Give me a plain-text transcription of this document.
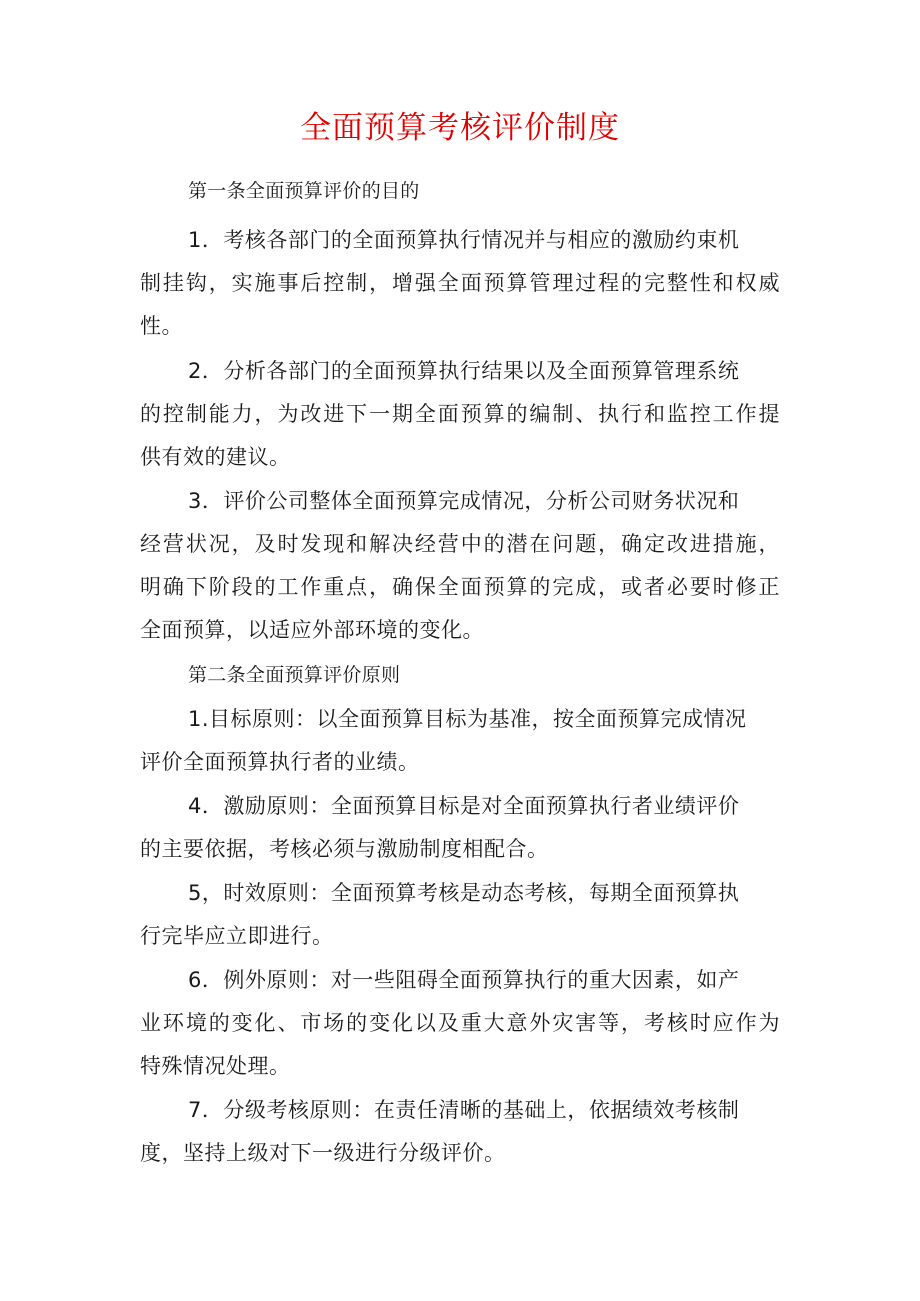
全面预算考核评价制度

第一条全面预算评价的目的

1．考核各部门的全面预算执行情况并与相应的激励约束机

制挂钩，实施事后控制，增强全面预算管理过程的完整性和权威

性。

2．分析各部门的全面预算执行结果以及全面预算管理系统

的控制能力，为改进下一期全面预算的编制、执行和监控工作提

供有效的建议。

3．评价公司整体全面预算完成情况，分析公司财务状况和

经营状况，及时发现和解决经营中的潜在问题，确定改进措施，

明确下阶段的工作重点，确保全面预算的完成，或者必要时修正

全面预算，以适应外部环境的变化。

第二条全面预算评价原则

1.目标原则：以全面预算目标为基准，按全面预算完成情况

评价全面预算执行者的业绩。

4．激励原则：全面预算目标是对全面预算执行者业绩评价

的主要依据，考核必须与激励制度相配合。

5，时效原则：全面预算考核是动态考核，每期全面预算执

行完毕应立即进行。

6．例外原则：对一些阻碍全面预算执行的重大因素，如产

业环境的变化、市场的变化以及重大意外灾害等，考核时应作为

特殊情况处理。

7．分级考核原则：在责任清晰的基础上，依据绩效考核制

度，坚持上级对下一级进行分级评价。
